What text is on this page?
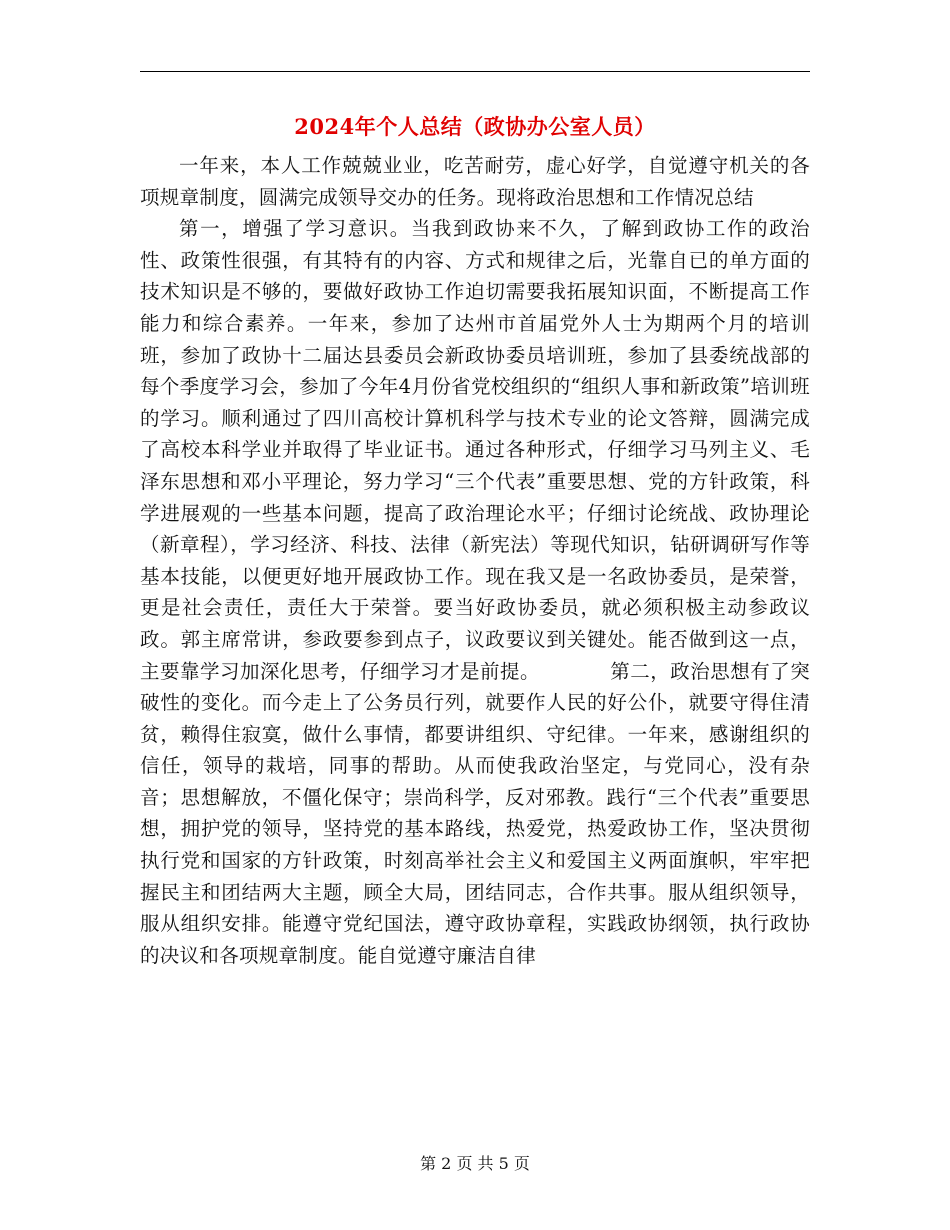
2024年个人总结（政协办公室人员）

一年来，本人工作兢兢业业，吃苦耐劳，虚心好学，自觉遵守机关的各项规章制度，圆满完成领导交办的任务。现将政治思想和工作情况总结

第一，增强了学习意识。当我到政协来不久，了解到政协工作的政治性、政策性很强，有其特有的内容、方式和规律之后，光靠自已的单方面的技术知识是不够的，要做好政协工作迫切需要我拓展知识面，不断提高工作能力和综合素养。一年来，参加了达州市首届党外人士为期两个月的培训班，参加了政协十二届达县委员会新政协委员培训班，参加了县委统战部的每个季度学习会，参加了今年4月份省党校组织的“组织人事和新政策”培训班的学习。顺利通过了四川高校计算机科学与技术专业的论文答辩，圆满完成了高校本科学业并取得了毕业证书。通过各种形式，仔细学习马列主义、毛泽东思想和邓小平理论，努力学习“三个代表”重要思想、党的方针政策，科学进展观的一些基本问题，提高了政治理论水平；仔细讨论统战、政协理论（新章程），学习经济、科技、法律（新宪法）等现代知识，钻研调研写作等基本技能，以便更好地开展政协工作。现在我又是一名政协委员，是荣誉，更是社会责任，责任大于荣誉。要当好政协委员，就必须积极主动参政议政。郭主席常讲，参政要参到点子，议政要议到关键处。能否做到这一点，主要靠学习加深化思考，仔细学习才是前提。　　　　第二，政治思想有了突破性的变化。而今走上了公务员行列，就要作人民的好公仆，就要守得住清贫，赖得住寂寞，做什么事情，都要讲组织、守纪律。一年来，感谢组织的信任，领导的栽培，同事的帮助。从而使我政治坚定，与党同心，没有杂音；思想解放，不僵化保守；崇尚科学，反对邪教。践行“三个代表”重要思想，拥护党的领导，坚持党的基本路线，热爱党，热爱政协工作，坚决贯彻执行党和国家的方针政策，时刻高举社会主义和爱国主义两面旗帜，牢牢把握民主和团结两大主题，顾全大局，团结同志，合作共事。服从组织领导，服从组织安排。能遵守党纪国法，遵守政协章程，实践政协纲领，执行政协的决议和各项规章制度。能自觉遵守廉洁自律

第 2 页 共 5 页
